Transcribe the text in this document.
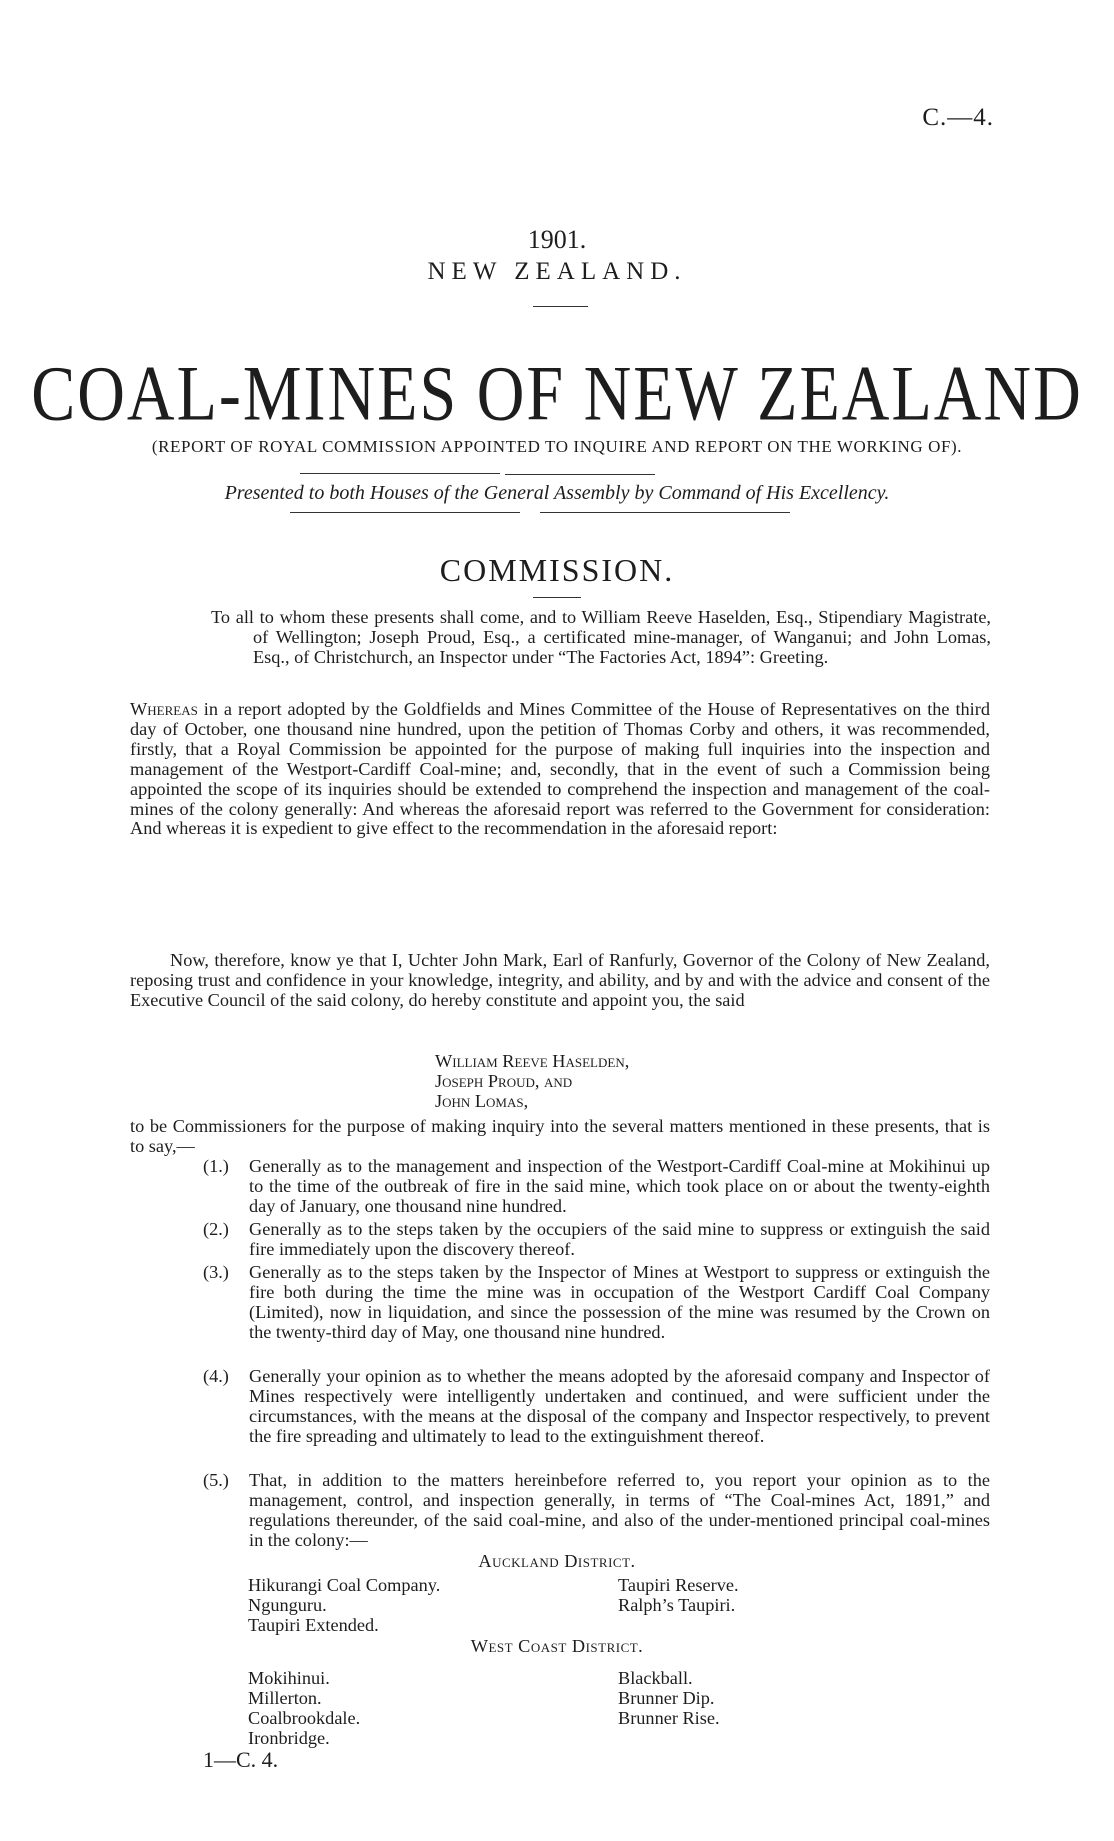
C.—4.
1901.
NEW ZEALAND.
COAL-MINES OF NEW ZEALAND
(REPORT OF ROYAL COMMISSION APPOINTED TO INQUIRE AND REPORT ON THE WORKING OF).
Presented to both Houses of the General Assembly by Command of His Excellency.
COMMISSION.
To all to whom these presents shall come, and to William Reeve Haselden, Esq., Stipendiary Magistrate, of Wellington; Joseph Proud, Esq., a certificated mine-manager, of Wanganui; and John Lomas, Esq., of Christchurch, an Inspector under “The Factories Act, 1894”: Greeting.
Whereas in a report adopted by the Goldfields and Mines Committee of the House of Representatives on the third day of October, one thousand nine hundred, upon the petition of Thomas Corby and others, it was recommended, firstly, that a Royal Commission be appointed for the purpose of making full inquiries into the inspection and management of the Westport-Cardiff Coal-mine; and, secondly, that in the event of such a Commission being appointed the scope of its inquiries should be extended to comprehend the inspection and management of the coal-mines of the colony generally: And whereas the aforesaid report was referred to the Government for consideration: And whereas it is expedient to give effect to the recommendation in the aforesaid report:
Now, therefore, know ye that I, Uchter John Mark, Earl of Ranfurly, Governor of the Colony of New Zealand, reposing trust and confidence in your knowledge, integrity, and ability, and by and with the advice and consent of the Executive Council of the said colony, do hereby constitute and appoint you, the said
William Reeve Haselden,
Joseph Proud, and
John Lomas,
to be Commissioners for the purpose of making inquiry into the several matters mentioned in these presents, that is to say,—
(1.)	Generally as to the management and inspection of the Westport-Cardiff Coal-mine at Mokihinui up to the time of the outbreak of fire in the said mine, which took place on or about the twenty-eighth day of January, one thousand nine hundred.
(2.)	Generally as to the steps taken by the occupiers of the said mine to suppress or extinguish the said fire immediately upon the discovery thereof.
(3.)	Generally as to the steps taken by the Inspector of Mines at Westport to suppress or extinguish the fire both during the time the mine was in occupation of the Westport Cardiff Coal Company (Limited), now in liquidation, and since the possession of the mine was resumed by the Crown on the twenty-third day of May, one thousand nine hundred.
(4.)	Generally your opinion as to whether the means adopted by the aforesaid company and Inspector of Mines respectively were intelligently undertaken and continued, and were sufficient under the circumstances, with the means at the disposal of the company and Inspector respectively, to prevent the fire spreading and ultimately to lead to the extinguishment thereof.
(5.)	That, in addition to the matters hereinbefore referred to, you report your opinion as to the management, control, and inspection generally, in terms of “The Coal-mines Act, 1891,” and regulations thereunder, of the said coal-mine, and also of the under-mentioned principal coal-mines in the colony:—
Auckland District.
Hikurangi Coal Company.
Ngunguru.
Taupiri Extended.
Taupiri Reserve.
Ralph’s Taupiri.
West Coast District.
Mokihinui.
Millerton.
Coalbrookdale.
Ironbridge.
Blackball.
Brunner Dip.
Brunner Rise.
1—C. 4.
